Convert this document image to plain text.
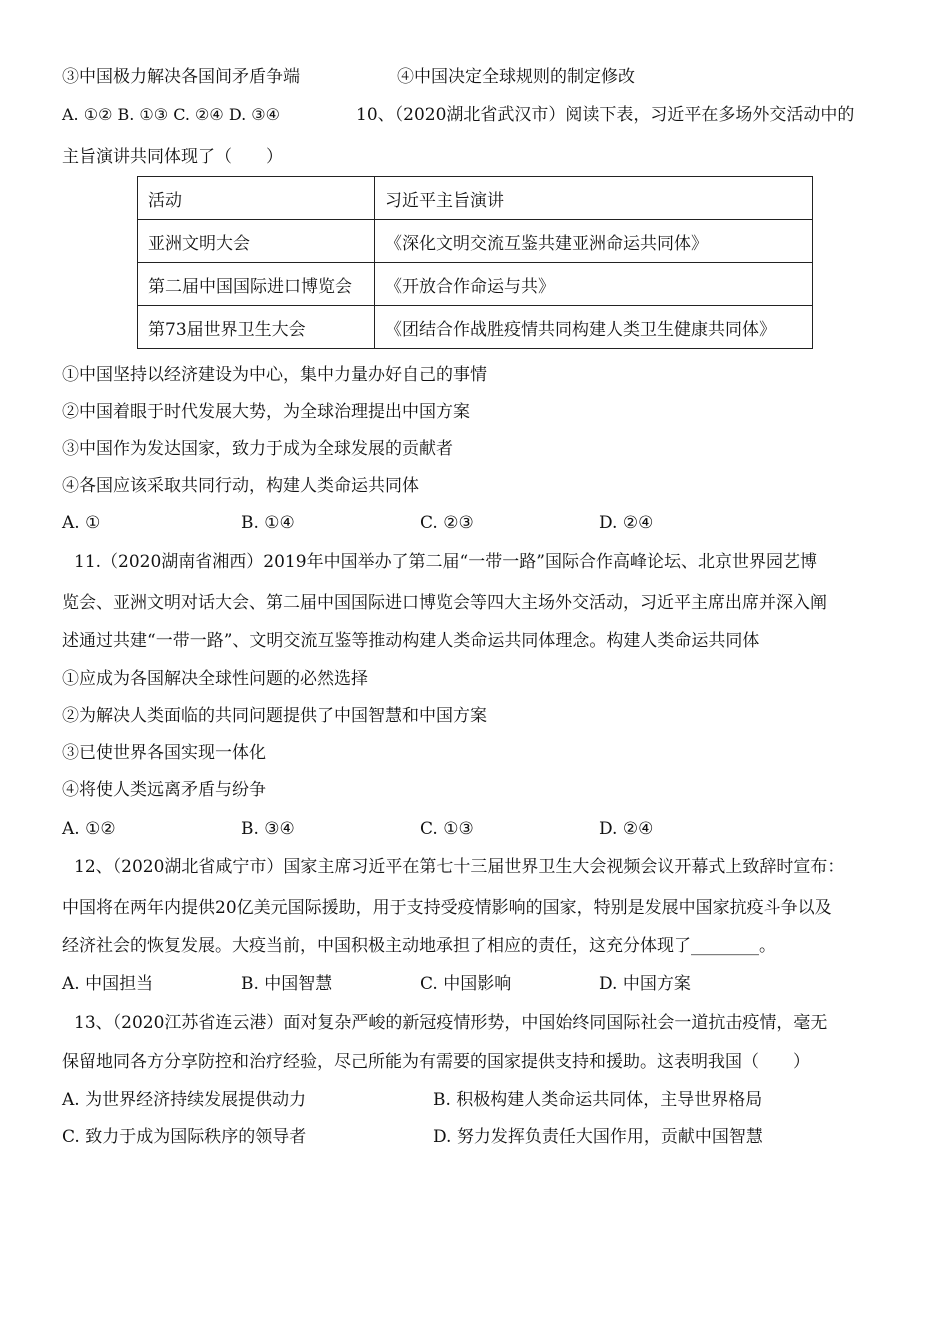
③中国极力解决各国间矛盾争端	④中国决定全球规则的制定修改
A. ①② B. ①③ C. ②④ D. ③④	10、（2020湖北省武汉市）阅读下表，习近平在多场外交活动中的
主旨演讲共同体现了（　　）
活动	习近平主旨演讲
亚洲文明大会	《深化文明交流互鉴共建亚洲命运共同体》
第二届中国国际进口博览会	《开放合作命运与共》
第73届世界卫生大会	《团结合作战胜疫情共同构建人类卫生健康共同体》
①中国坚持以经济建设为中心，集中力量办好自己的事情
②中国着眼于时代发展大势，为全球治理提出中国方案
③中国作为发达国家，致力于成为全球发展的贡献者
④各国应该采取共同行动，构建人类命运共同体
A. ①	B. ①④	C. ②③	D. ②④
11.（2020湖南省湘西）2019年中国举办了第二届“一带一路”国际合作高峰论坛、北京世界园艺博
览会、亚洲文明对话大会、第二届中国国际进口博览会等四大主场外交活动，习近平主席出席并深入阐
述通过共建“一带一路”、文明交流互鉴等推动构建人类命运共同体理念。构建人类命运共同体
①应成为各国解决全球性问题的必然选择
②为解决人类面临的共同问题提供了中国智慧和中国方案
③已使世界各国实现一体化
④将使人类远离矛盾与纷争
A. ①②	B. ③④	C. ①③	D. ②④
12、（2020湖北省咸宁市）国家主席习近平在第七十三届世界卫生大会视频会议开幕式上致辞时宣布：
中国将在两年内提供20亿美元国际援助，用于支持受疫情影响的国家，特别是发展中国家抗疫斗争以及
经济社会的恢复发展。大疫当前，中国积极主动地承担了相应的责任，这充分体现了________。
A. 中国担当	B. 中国智慧	C. 中国影响	D. 中国方案
13、（2020江苏省连云港）面对复杂严峻的新冠疫情形势，中国始终同国际社会一道抗击疫情，毫无
保留地同各方分享防控和治疗经验，尽己所能为有需要的国家提供支持和援助。这表明我国（　　）
A. 为世界经济持续发展提供动力	B. 积极构建人类命运共同体，主导世界格局
C. 致力于成为国际秩序的领导者	D. 努力发挥负责任大国作用，贡献中国智慧
